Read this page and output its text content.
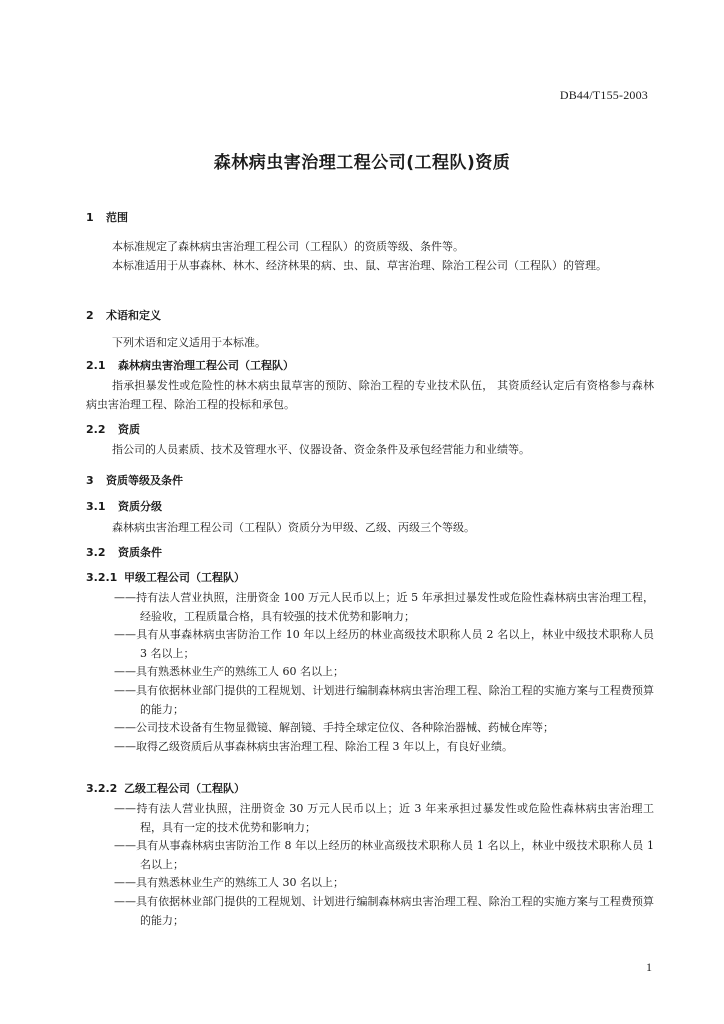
DB44/T155-2003
森林病虫害治理工程公司(工程队)资质
1 范围
本标准规定了森林病虫害治理工程公司（工程队）的资质等级、条件等。
本标准适用于从事森林、林木、经济林果的病、虫、鼠、草害治理、除治工程公司（工程队）的管理。
2 术语和定义
下列术语和定义适用于本标准。
2.1 森林病虫害治理工程公司（工程队）
指承担暴发性或危险性的林木病虫鼠草害的预防、除治工程的专业技术队伍， 其资质经认定后有资格参与森林病虫害治理工程、除治工程的投标和承包。
2.2 资质
指公司的人员素质、技术及管理水平、仪器设备、资金条件及承包经营能力和业绩等。
3 资质等级及条件
3.1 资质分级
森林病虫害治理工程公司（工程队）资质分为甲级、乙级、丙级三个等级。
3.2 资质条件
3.2.1 甲级工程公司（工程队）
——持有法人营业执照，注册资金 100 万元人民币以上；近 5 年承担过暴发性或危险性森林病虫害治理工程，经验收，工程质量合格，具有较强的技术优势和影响力；
——具有从事森林病虫害防治工作 10 年以上经历的林业高级技术职称人员 2 名以上，林业中级技术职称人员 3 名以上；
——具有熟悉林业生产的熟练工人 60 名以上；
——具有依据林业部门提供的工程规划、计划进行编制森林病虫害治理工程、除治工程的实施方案与工程费预算的能力；
——公司技术设备有生物显微镜、解剖镜、手持全球定位仪、各种除治器械、药械仓库等；
——取得乙级资质后从事森林病虫害治理工程、除治工程 3 年以上，有良好业绩。
3.2.2 乙级工程公司（工程队）
——持有法人营业执照，注册资金 30 万元人民币以上；近 3 年来承担过暴发性或危险性森林病虫害治理工程，具有一定的技术优势和影响力；
——具有从事森林病虫害防治工作 8 年以上经历的林业高级技术职称人员 1 名以上，林业中级技术职称人员 1 名以上；
——具有熟悉林业生产的熟练工人 30 名以上；
——具有依据林业部门提供的工程规划、计划进行编制森林病虫害治理工程、除治工程的实施方案与工程费预算的能力；
1
